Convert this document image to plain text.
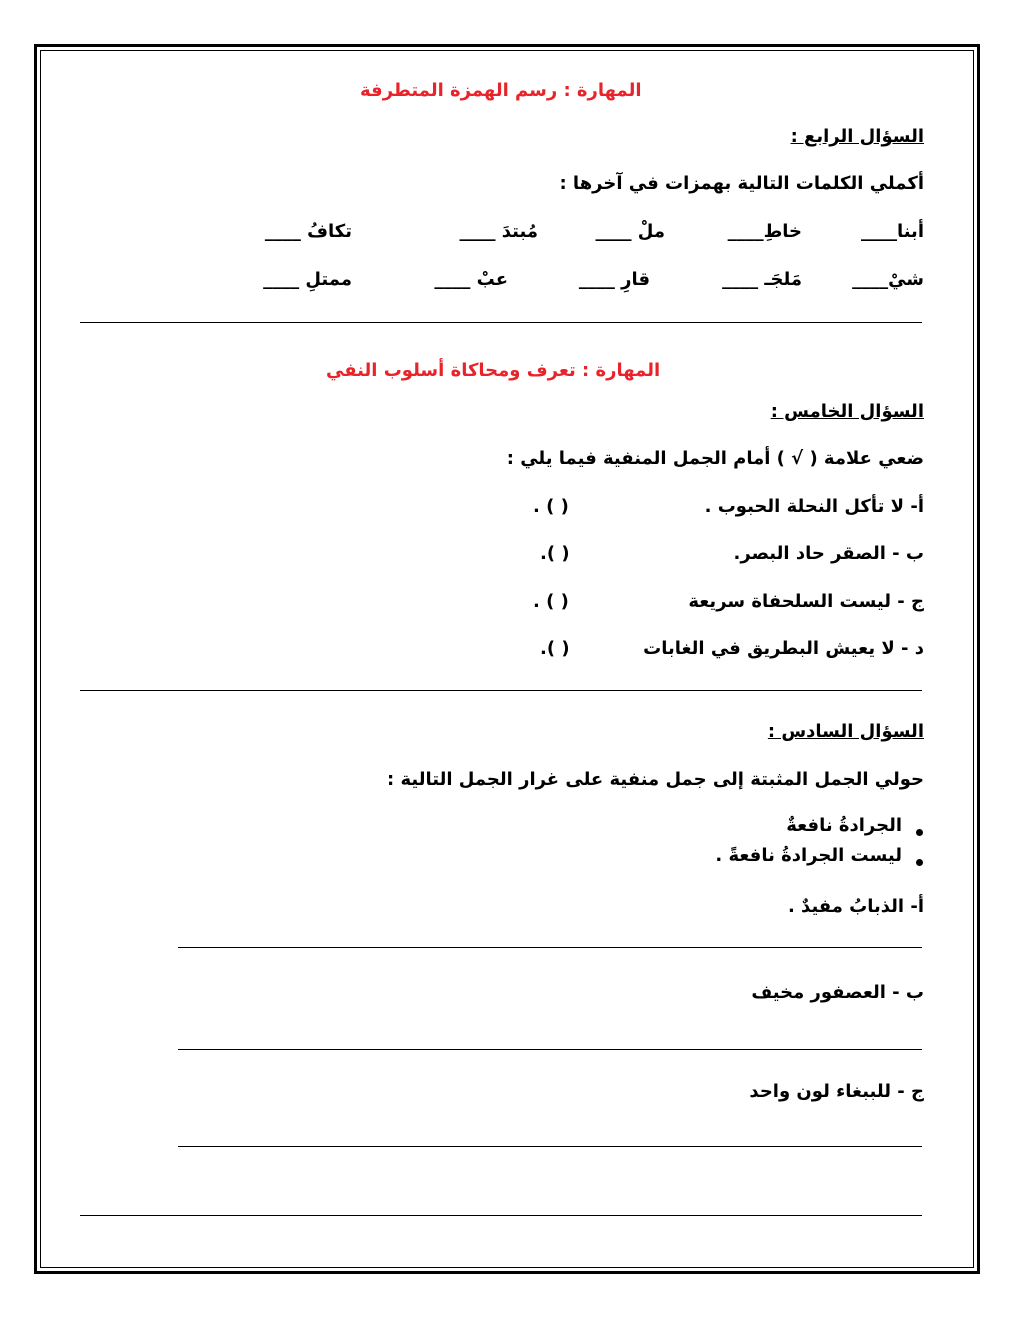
المهارة : رسم الهمزة المتطرفة
السؤال الرابع :
أكملي الكلمات التالية بهمزات في آخرها :
أبنا____
خاطِ____
ملْ ____
مُبتدَ ____
تكافُ ____
شيْ____
مَلجَـ ____
قارِ ____
عبْ ____
ممتلِ ____
المهارة : تعرف ومحاكاة أسلوب النفي
السؤال الخامس :
ضعي علامة ( √ ) أمام الجمل المنفية فيما يلي :
أ- لا تأكل النحلة الحبوب .
( ) .
ب - الصقر حاد البصر.
( ).
ج - ليست السلحفاة سريعة
( ) .
د - لا يعيش البطريق في الغابات
( ).
السؤال السادس :
حولي الجمل المثبتة إلى جمل منفية على غرار الجمل التالية :
الجرادةُ نافعةٌ
ليست الجرادةُ نافعةً .
أ- الذبابُ مفيدٌ .
ب - العصفور مخيف
ج - للببغاء لون واحد
